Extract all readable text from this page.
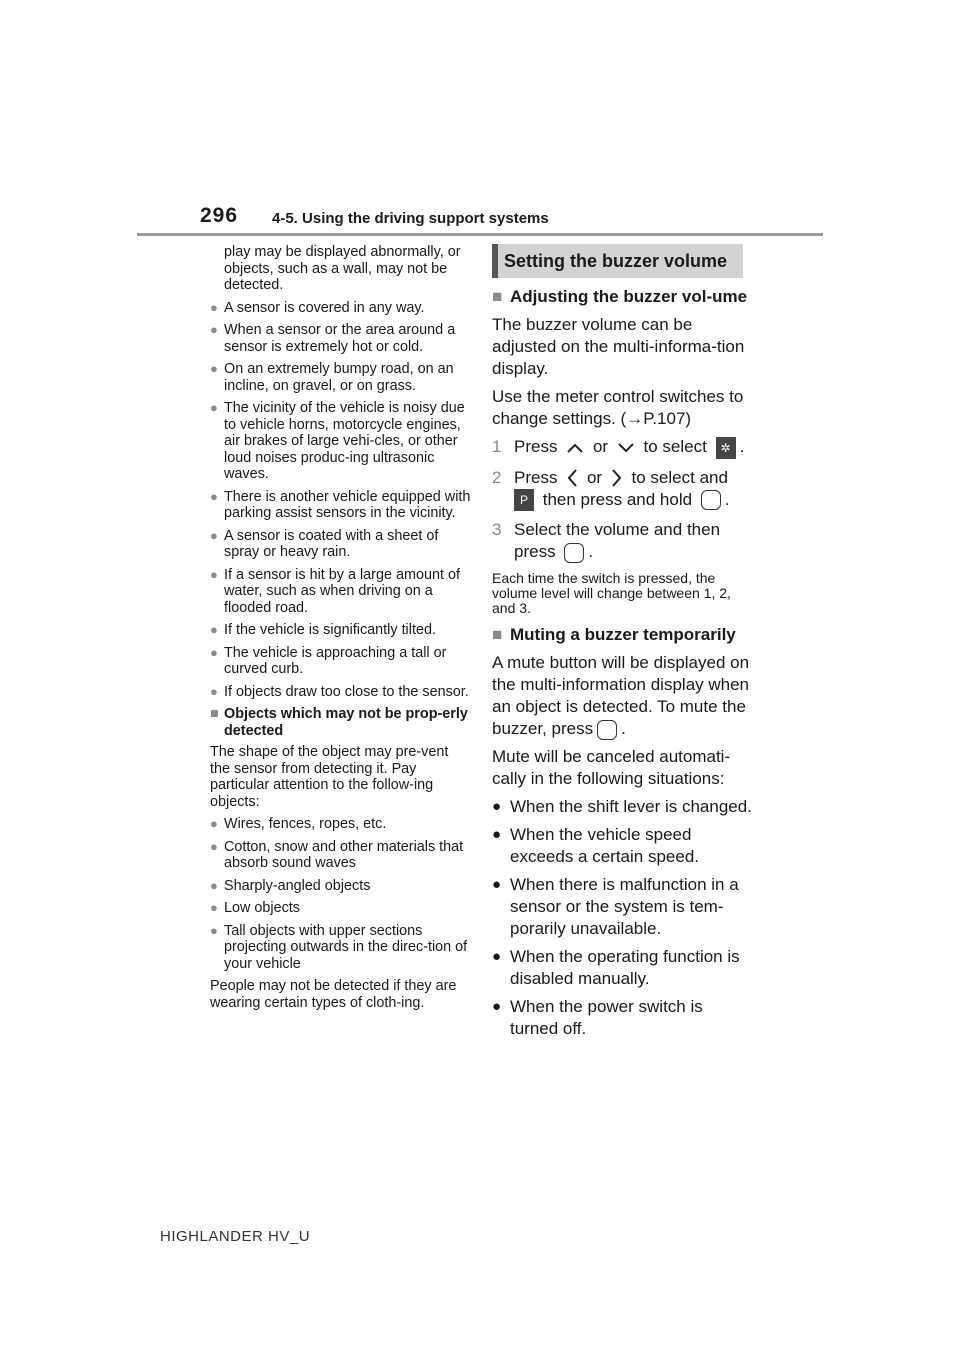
296 4-5. Using the driving support systems
play may be displayed abnormally, or objects, such as a wall, may not be detected.
● A sensor is covered in any way.
● When a sensor or the area around a sensor is extremely hot or cold.
● On an extremely bumpy road, on an incline, on gravel, or on grass.
● The vicinity of the vehicle is noisy due to vehicle horns, motorcycle engines, air brakes of large vehi-cles, or other loud noises produc-ing ultrasonic waves.
● There is another vehicle equipped with parking assist sensors in the vicinity.
● A sensor is coated with a sheet of spray or heavy rain.
● If a sensor is hit by a large amount of water, such as when driving on a flooded road.
● If the vehicle is significantly tilted.
● The vehicle is approaching a tall or curved curb.
● If objects draw too close to the sensor.
■ Objects which may not be prop-erly detected

The shape of the object may pre-vent the sensor from detecting it. Pay particular attention to the follow-ing objects:

● Wires, fences, ropes, etc.
● Cotton, snow and other materials that absorb sound waves
● Sharply-angled objects
● Low objects
● Tall objects with upper sections projecting outwards in the direc-tion of your vehicle

People may not be detected if they are wearing certain types of cloth-ing.

Setting the buzzer volume
■ Adjusting the buzzer vol-ume

The buzzer volume can be adjusted on the multi-informa-tion display.

Use the meter control switches to change settings. (→P.107)

1 Press or to select ✲ .
2 Press or to select and
P then press and hold .
3 Select the volume and then press .
Each time the switch is pressed, the volume level will change between 1, 2, and 3.
■ Muting a buzzer temporarily

A mute button will be displayed on the multi-information display when an object is detected. To mute the buzzer, press .

Mute will be canceled automati-cally in the following situations:

● When the shift lever is changed.
● When the vehicle speed exceeds a certain speed.
● When there is malfunction in a sensor or the system is tem-porarily unavailable.
● When the operating function is disabled manually.
● When the power switch is turned off.
HIGHLANDER HV_U
